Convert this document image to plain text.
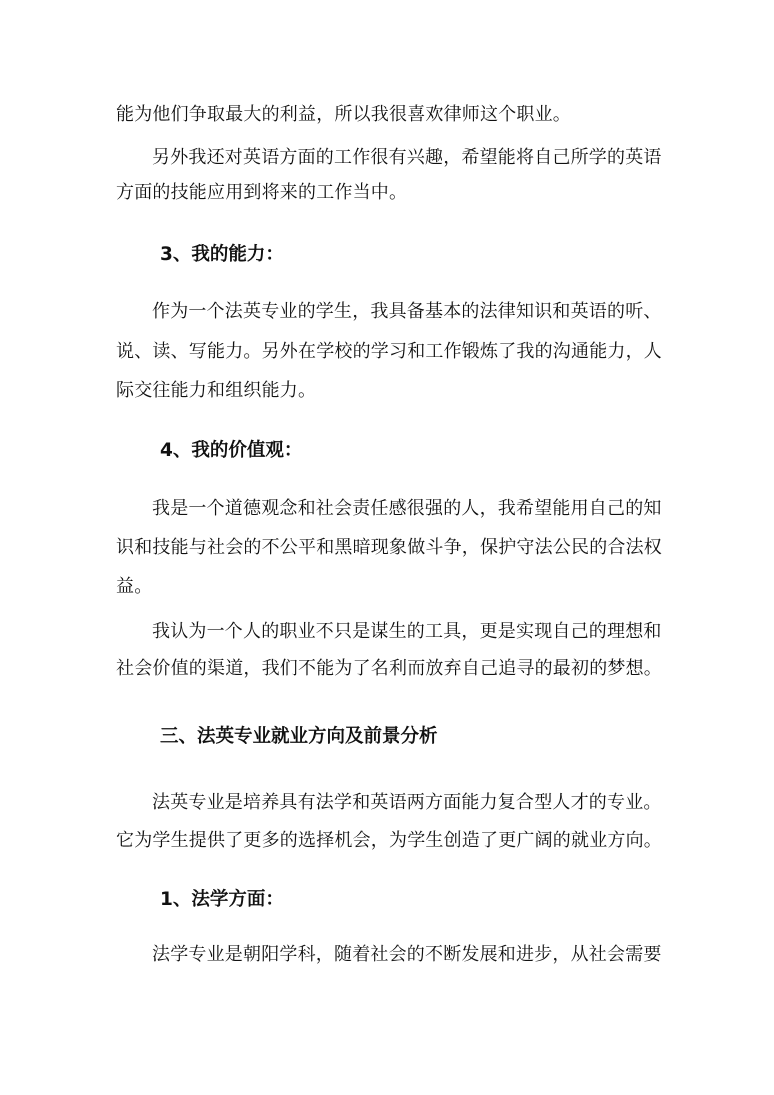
能为他们争取最大的利益，所以我很喜欢律师这个职业。
另外我还对英语方面的工作很有兴趣，希望能将自己所学的英语
方面的技能应用到将来的工作当中。
3、我的能力：
作为一个法英专业的学生，我具备基本的法律知识和英语的听、
说、读、写能力。另外在学校的学习和工作锻炼了我的沟通能力，人
际交往能力和组织能力。
4、我的价值观：
我是一个道德观念和社会责任感很强的人，我希望能用自己的知
识和技能与社会的不公平和黑暗现象做斗争，保护守法公民的合法权
益。
我认为一个人的职业不只是谋生的工具，更是实现自己的理想和
社会价值的渠道，我们不能为了名利而放弃自己追寻的最初的梦想。
三、法英专业就业方向及前景分析
法英专业是培养具有法学和英语两方面能力复合型人才的专业。
它为学生提供了更多的选择机会，为学生创造了更广阔的就业方向。
1、法学方面：
法学专业是朝阳学科，随着社会的不断发展和进步，从社会需要
